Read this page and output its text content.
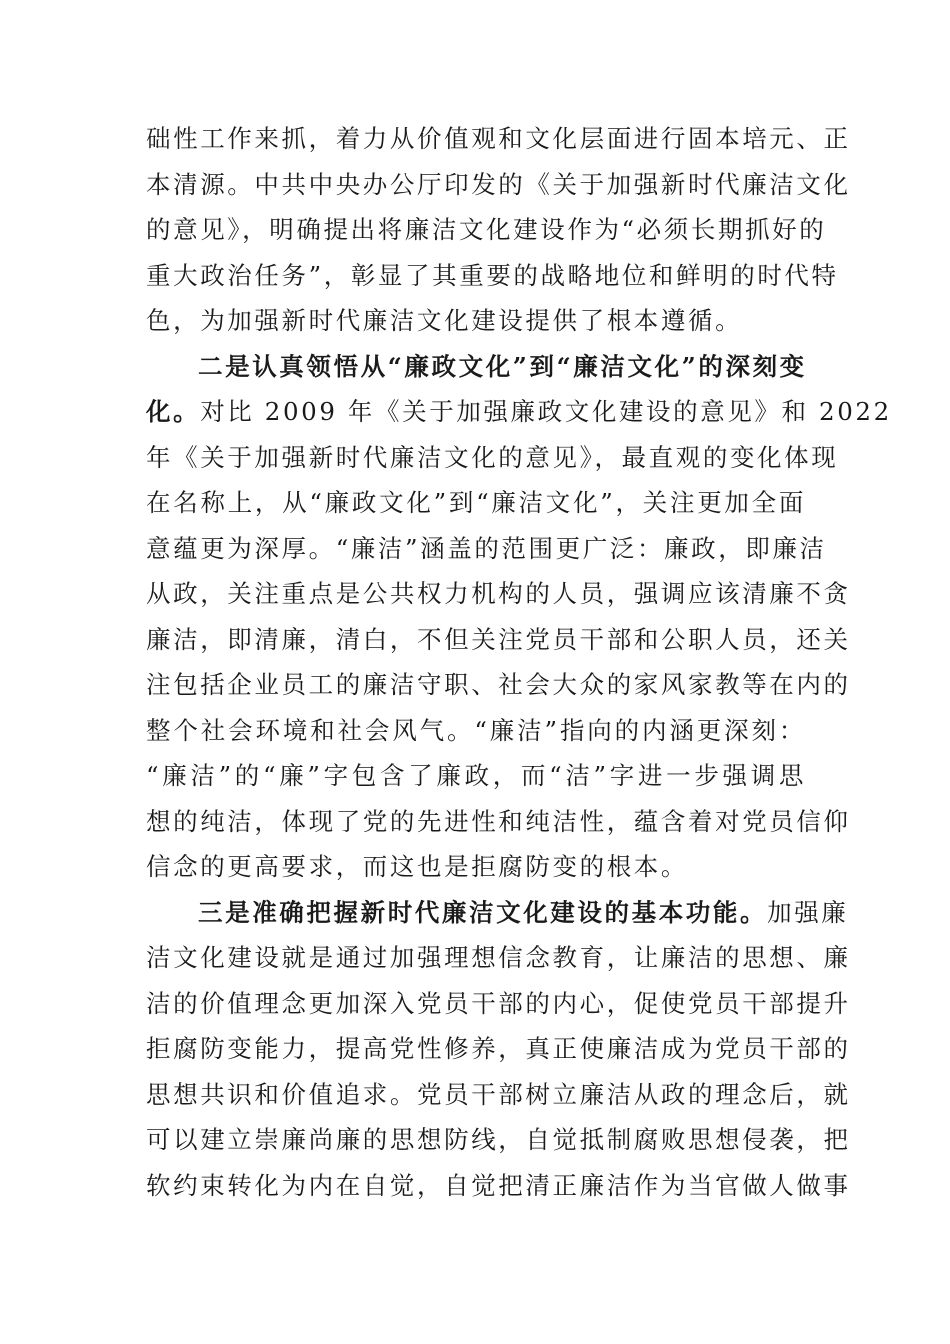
础性工作来抓，着力从价值观和文化层面进行固本培元、正
本清源。中共中央办公厅印发的《关于加强新时代廉洁文化
的意见》，明确提出将廉洁文化建设作为“必须长期抓好的
重大政治任务”，彰显了其重要的战略地位和鲜明的时代特
色，为加强新时代廉洁文化建设提供了根本遵循。
二是认真领悟从“廉政文化”到“廉洁文化”的深刻变
化。对比 2009 年《关于加强廉政文化建设的意见》和 2022
年《关于加强新时代廉洁文化的意见》，最直观的变化体现
在名称上，从“廉政文化”到“廉洁文化”，关注更加全面
意蕴更为深厚。“廉洁”涵盖的范围更广泛：廉政，即廉洁
从政，关注重点是公共权力机构的人员，强调应该清廉不贪
廉洁，即清廉，清白，不但关注党员干部和公职人员，还关
注包括企业员工的廉洁守职、社会大众的家风家教等在内的
整个社会环境和社会风气。“廉洁”指向的内涵更深刻：
“廉洁”的“廉”字包含了廉政，而“洁”字进一步强调思
想的纯洁，体现了党的先进性和纯洁性，蕴含着对党员信仰
信念的更高要求，而这也是拒腐防变的根本。
三是准确把握新时代廉洁文化建设的基本功能。加强廉
洁文化建设就是通过加强理想信念教育，让廉洁的思想、廉
洁的价值理念更加深入党员干部的内心，促使党员干部提升
拒腐防变能力，提高党性修养，真正使廉洁成为党员干部的
思想共识和价值追求。党员干部树立廉洁从政的理念后，就
可以建立崇廉尚廉的思想防线，自觉抵制腐败思想侵袭，把
软约束转化为内在自觉，自觉把清正廉洁作为当官做人做事
